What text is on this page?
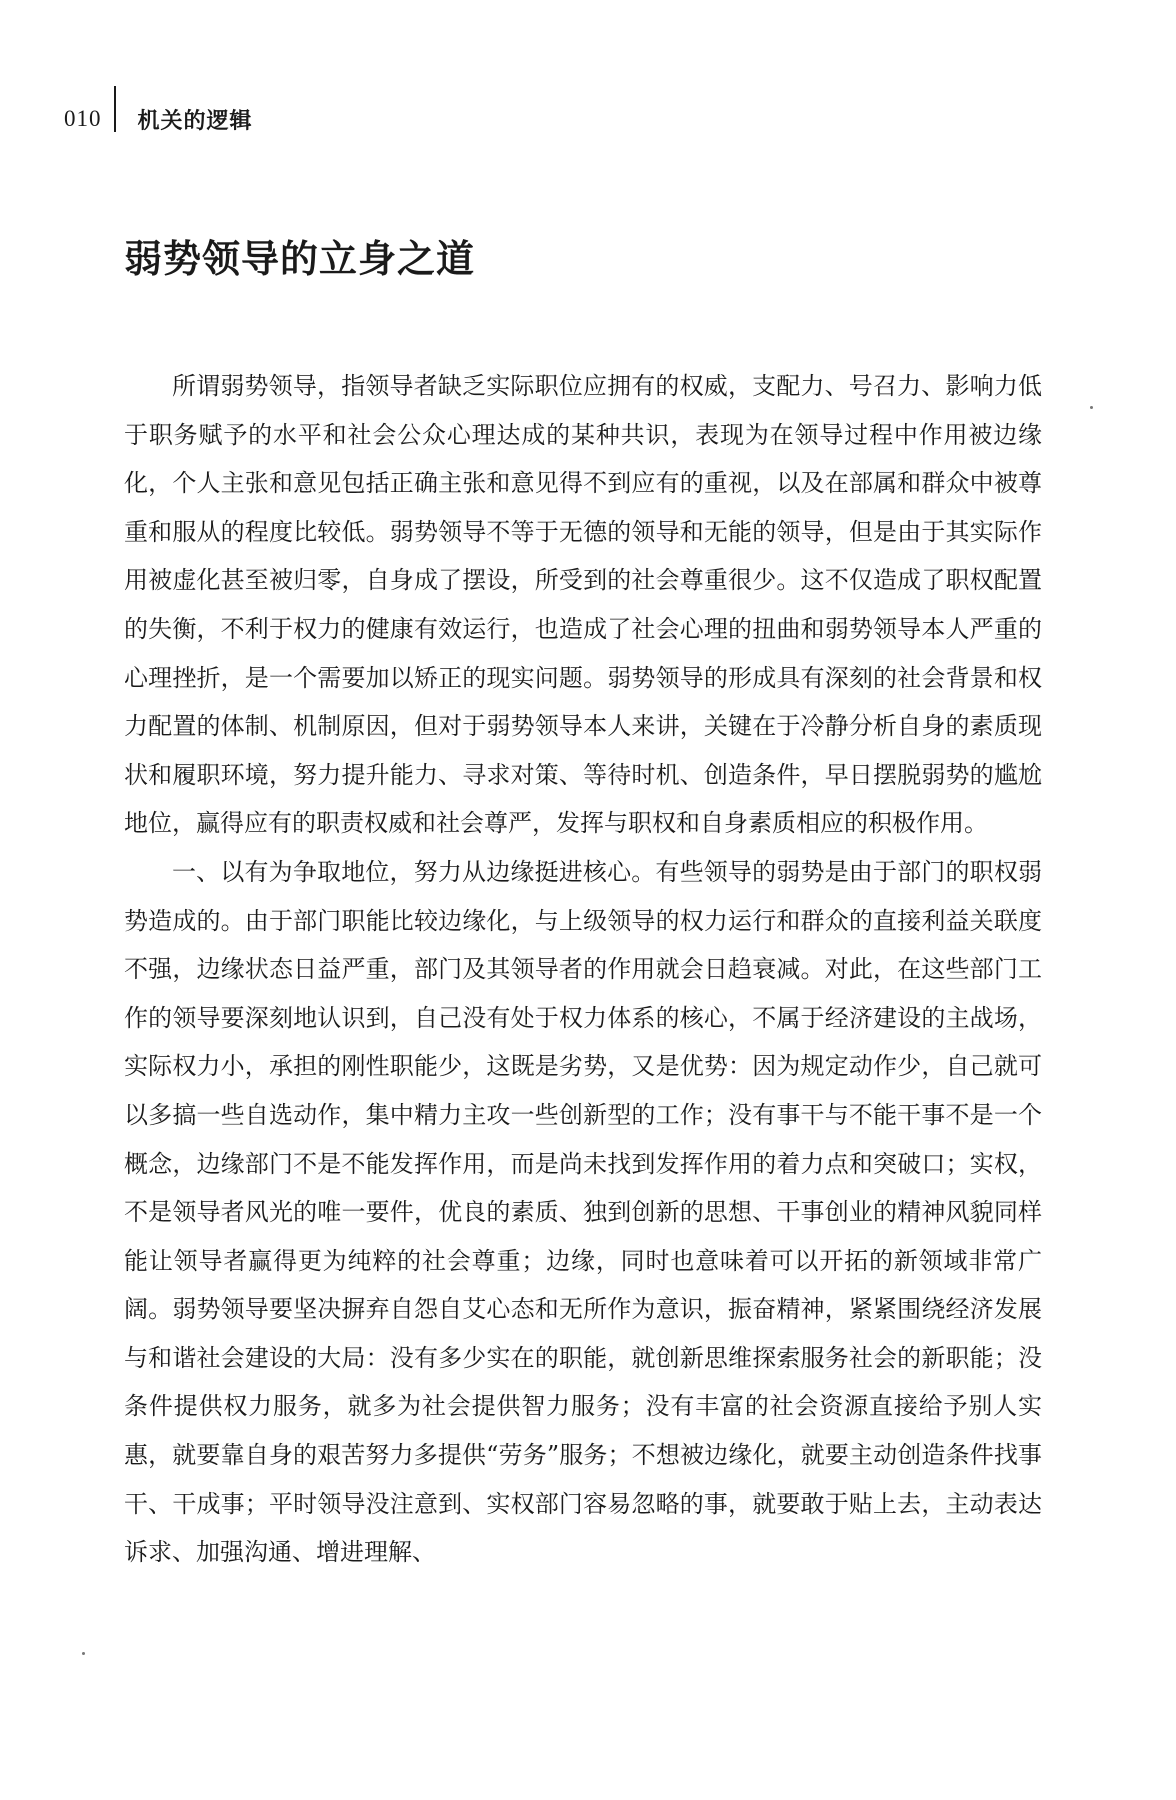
010 机关的逻辑
弱势领导的立身之道

所谓弱势领导，指领导者缺乏实际职位应拥有的权威，支配力、号召力、影响力低于职务赋予的水平和社会公众心理达成的某种共识，表现为在领导过程中作用被边缘化，个人主张和意见包括正确主张和意见得不到应有的重视，以及在部属和群众中被尊重和服从的程度比较低。弱势领导不等于无德的领导和无能的领导，但是由于其实际作用被虚化甚至被归零，自身成了摆设，所受到的社会尊重很少。这不仅造成了职权配置的失衡，不利于权力的健康有效运行，也造成了社会心理的扭曲和弱势领导本人严重的心理挫折，是一个需要加以矫正的现实问题。弱势领导的形成具有深刻的社会背景和权力配置的体制、机制原因，但对于弱势领导本人来讲，关键在于冷静分析自身的素质现状和履职环境，努力提升能力、寻求对策、等待时机、创造条件，早日摆脱弱势的尴尬地位，赢得应有的职责权威和社会尊严，发挥与职权和自身素质相应的积极作用。

一、以有为争取地位，努力从边缘挺进核心。有些领导的弱势是由于部门的职权弱势造成的。由于部门职能比较边缘化，与上级领导的权力运行和群众的直接利益关联度不强，边缘状态日益严重，部门及其领导者的作用就会日趋衰减。对此，在这些部门工作的领导要深刻地认识到，自己没有处于权力体系的核心，不属于经济建设的主战场，实际权力小，承担的刚性职能少，这既是劣势，又是优势：因为规定动作少，自己就可以多搞一些自选动作，集中精力主攻一些创新型的工作；没有事干与不能干事不是一个概念，边缘部门不是不能发挥作用，而是尚未找到发挥作用的着力点和突破口；实权，不是领导者风光的唯一要件，优良的素质、独到创新的思想、干事创业的精神风貌同样能让领导者赢得更为纯粹的社会尊重；边缘，同时也意味着可以开拓的新领域非常广阔。弱势领导要坚决摒弃自怨自艾心态和无所作为意识，振奋精神，紧紧围绕经济发展与和谐社会建设的大局：没有多少实在的职能，就创新思维探索服务社会的新职能；没条件提供权力服务，就多为社会提供智力服务；没有丰富的社会资源直接给予别人实惠，就要靠自身的艰苦努力多提供“劳务”服务；不想被边缘化，就要主动创造条件找事干、干成事；平时领导没注意到、实权部门容易忽略的事，就要敢于贴上去，主动表达诉求、加强沟通、增进理解、
